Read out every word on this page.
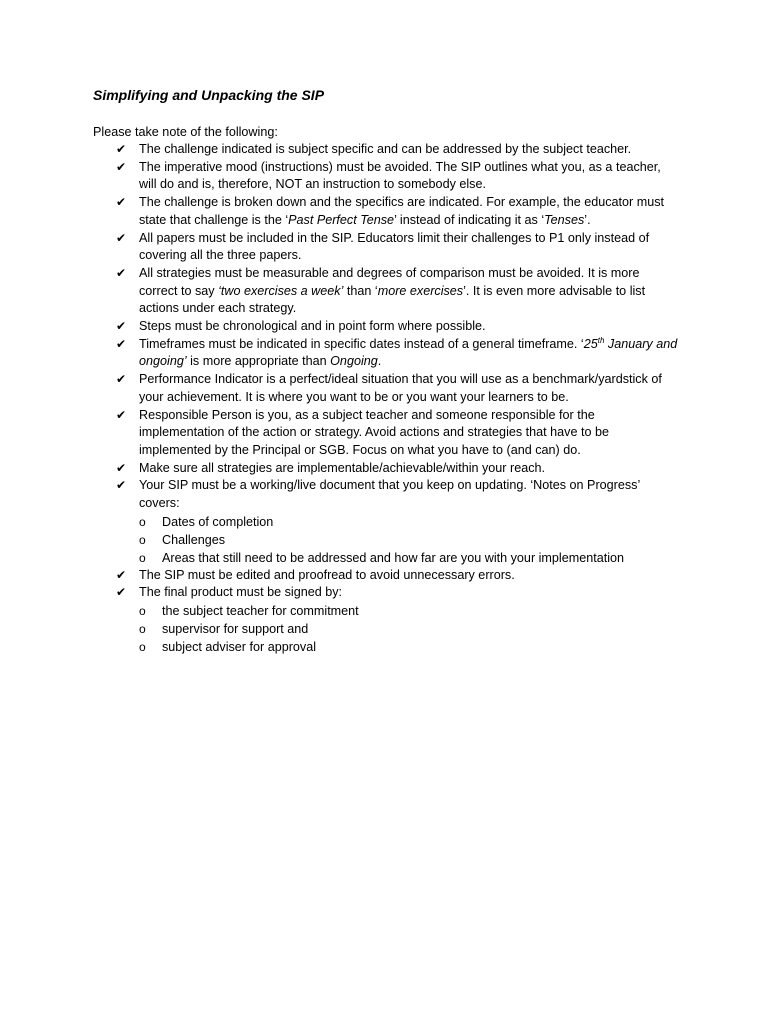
Simplifying and Unpacking the SIP

Please take note of the following:

✔	The challenge indicated is subject specific and can be addressed by the subject teacher.
✔	The imperative mood (instructions) must be avoided. The SIP outlines what you, as a teacher, will do and is, therefore, NOT an instruction to somebody else.
✔	The challenge is broken down and the specifics are indicated. For example, the educator must state that challenge is the ‘Past Perfect Tense’ instead of indicating it as ‘Tenses’.
✔	All papers must be included in the SIP. Educators limit their challenges to P1 only instead of covering all the three papers.
✔	All strategies must be measurable and degrees of comparison must be avoided. It is more correct to say ‘two exercises a week’ than ‘more exercises’. It is even more advisable to list actions under each strategy.
✔	Steps must be chronological and in point form where possible.
✔	Timeframes must be indicated in specific dates instead of a general timeframe. ‘25th January and ongoing’ is more appropriate than Ongoing.
✔	Performance Indicator is a perfect/ideal situation that you will use as a benchmark/yardstick of your achievement. It is where you want to be or you want your learners to be.
✔	Responsible Person is you, as a subject teacher and someone responsible for the implementation of the action or strategy. Avoid actions and strategies that have to be implemented by the Principal or SGB. Focus on what you have to (and can) do.
✔	Make sure all strategies are implementable/achievable/within your reach.
✔	Your SIP must be a working/live document that you keep on updating. ‘Notes on Progress’ covers:
o Dates of completion
o Challenges
o Areas that still need to be addressed and how far are you with your implementation
✔	The SIP must be edited and proofread to avoid unnecessary errors.
✔	The final product must be signed by:
o the subject teacher for commitment
o supervisor for support and
o subject adviser for approval
